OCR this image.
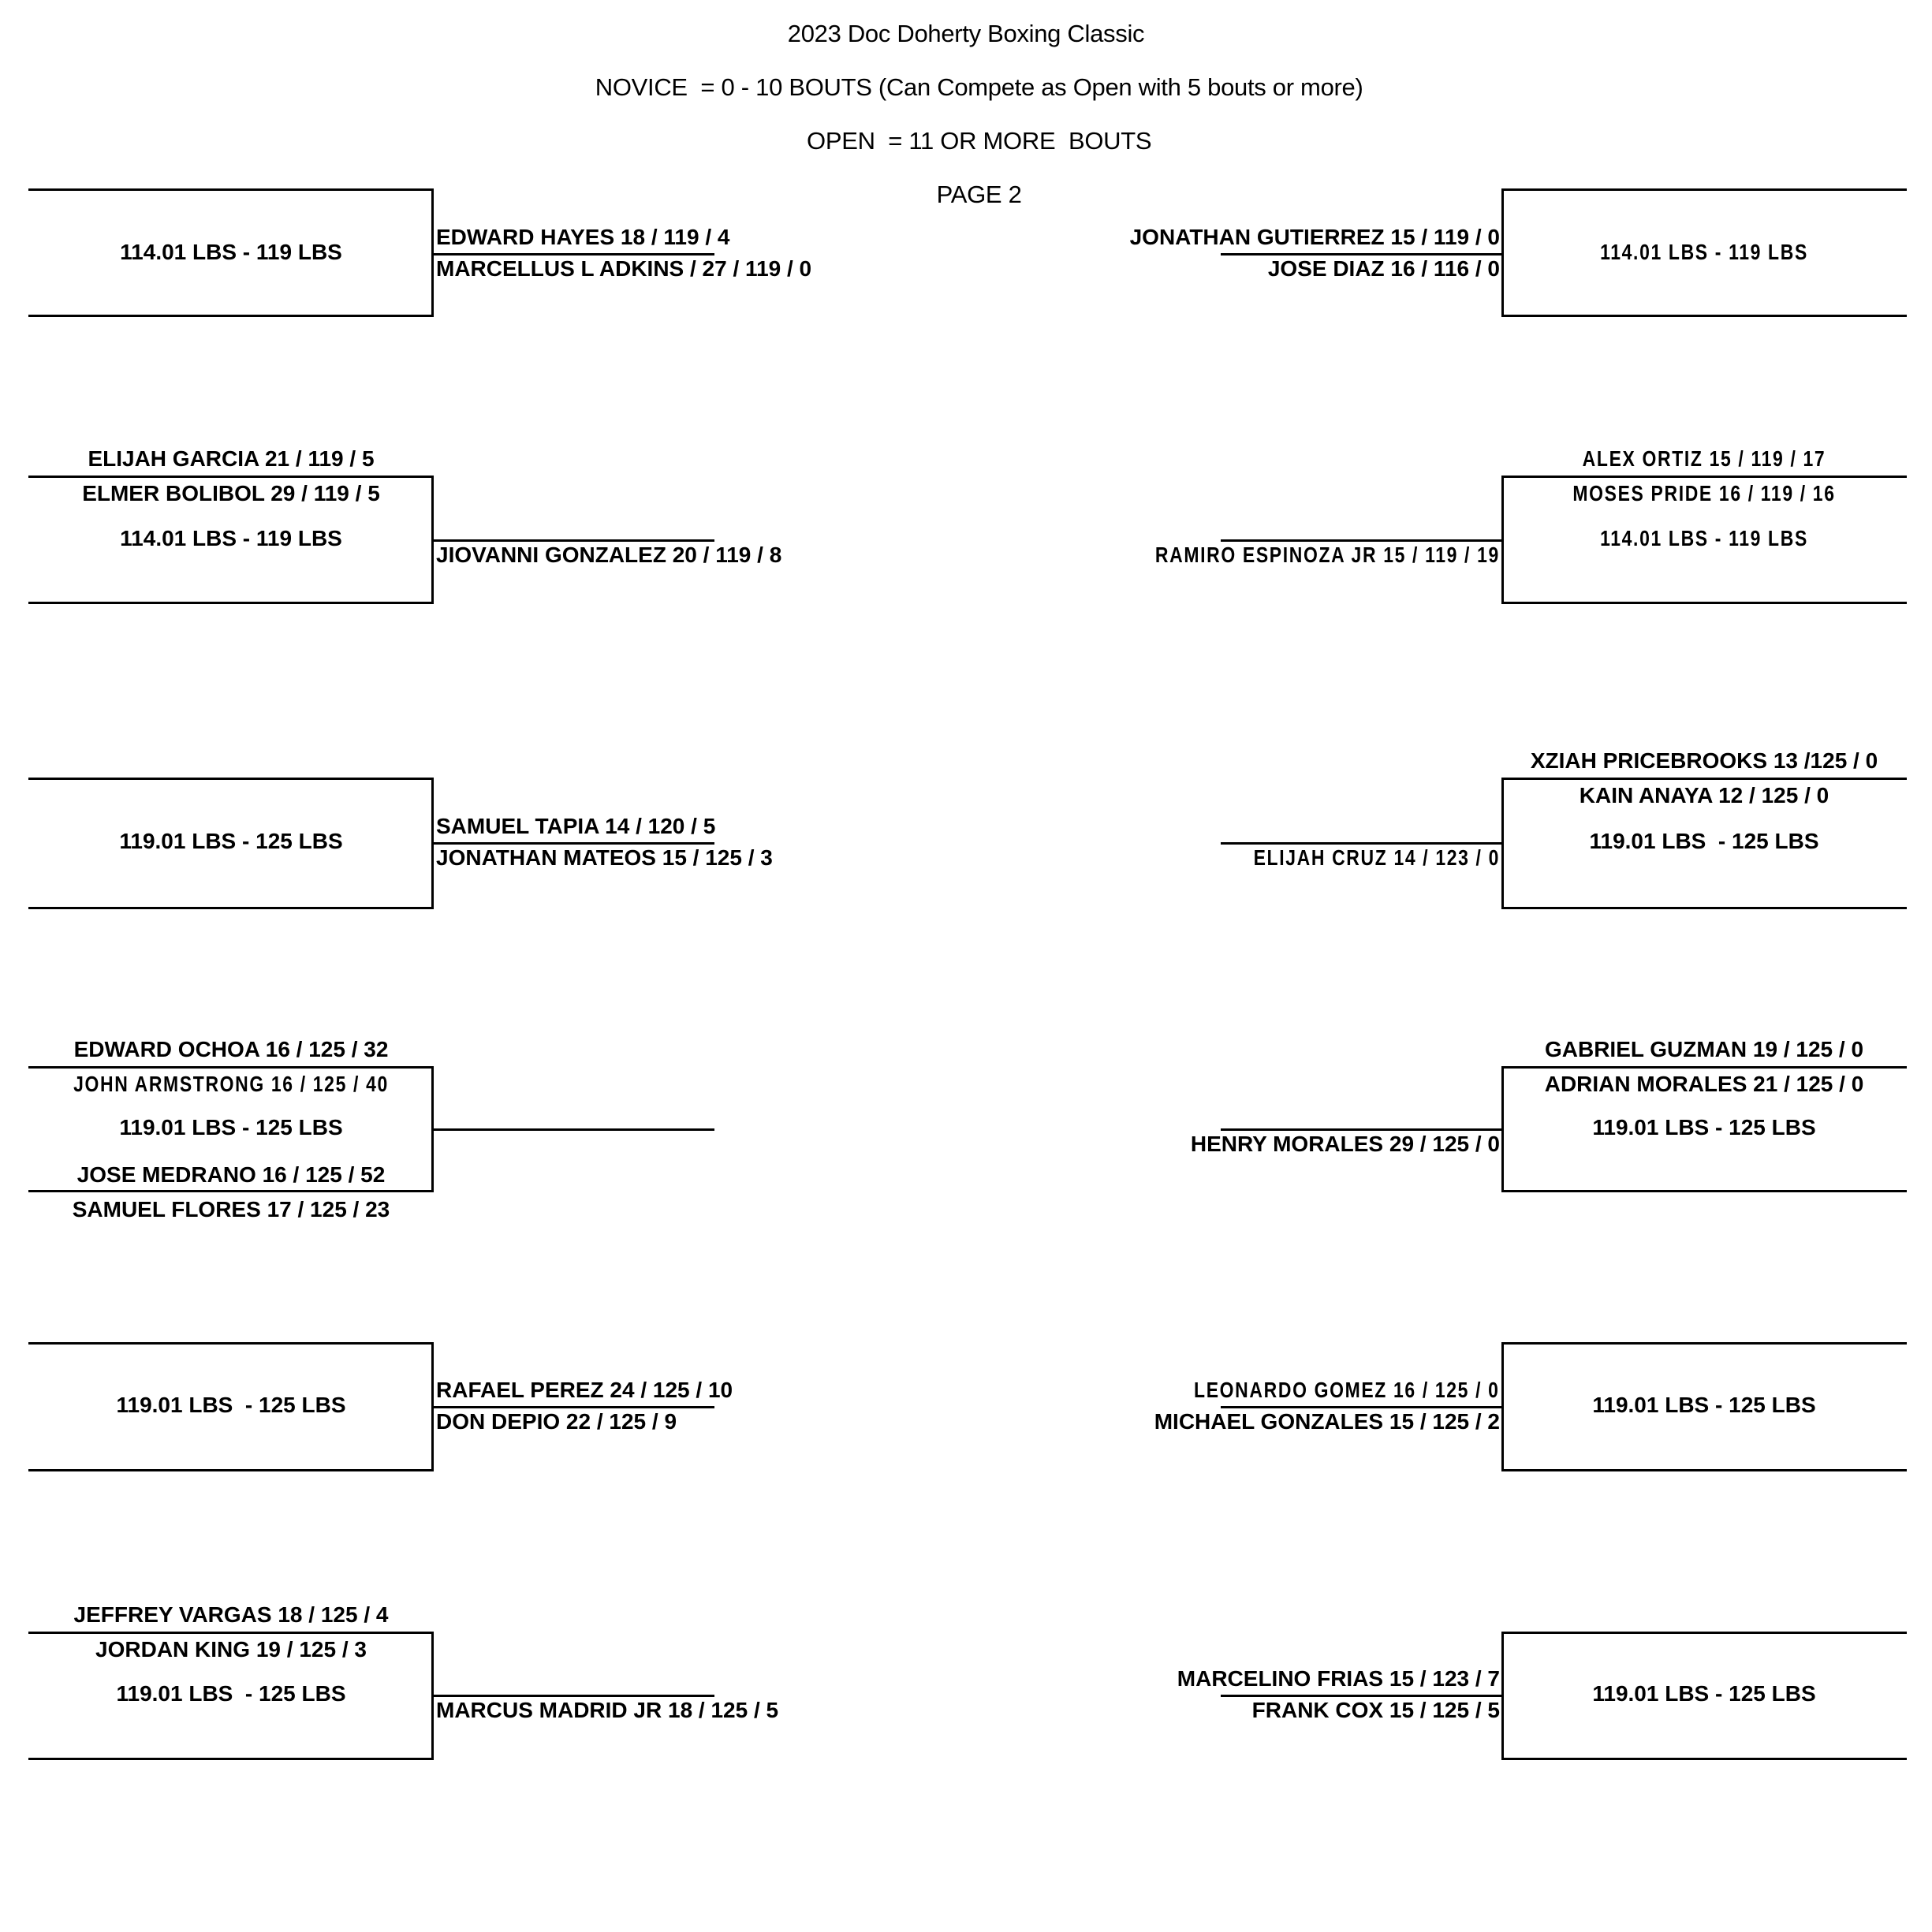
2023 Doc Doherty Boxing Classic

NOVICE  = 0 - 10 BOUTS (Can Compete as Open with 5 bouts or more)

OPEN  = 11 OR MORE  BOUTS

PAGE 2

114.01 LBS - 119 LBS
EDWARD HAYES 18 / 119 / 4
MARCELLUS L ADKINS / 27 / 119 / 0
114.01 LBS - 119 LBS
JONATHAN GUTIERREZ 15 / 119 / 0
JOSE DIAZ 16 / 116 / 0
ELIJAH GARCIA 21 / 119 / 5
ELMER BOLIBOL 29 / 119 / 5
114.01 LBS - 119 LBS
JIOVANNI GONZALEZ 20 / 119 / 8
ALEX ORTIZ 15 / 119 / 17
MOSES PRIDE 16 / 119 / 16
114.01 LBS - 119 LBS
RAMIRO ESPINOZA JR 15 / 119 / 19
119.01 LBS - 125 LBS
SAMUEL TAPIA 14 / 120 / 5
JONATHAN MATEOS 15 / 125 / 3
XZIAH PRICEBROOKS 13 /125 / 0
KAIN ANAYA 12 / 125 / 0
119.01 LBS  - 125 LBS
ELIJAH CRUZ 14 / 123 / 0
EDWARD OCHOA 16 / 125 / 32
JOHN ARMSTRONG 16 / 125 / 40
119.01 LBS - 125 LBS
JOSE MEDRANO 16 / 125 / 52
SAMUEL FLORES 17 / 125 / 23
GABRIEL GUZMAN 19 / 125 / 0
ADRIAN MORALES 21 / 125 / 0
119.01 LBS - 125 LBS
HENRY MORALES 29 / 125 / 0
119.01 LBS  - 125 LBS
RAFAEL PEREZ 24 / 125 / 10
DON DEPIO 22 / 125 / 9
119.01 LBS - 125 LBS
LEONARDO GOMEZ 16 / 125 / 0
MICHAEL GONZALES 15 / 125 / 2
JEFFREY VARGAS 18 / 125 / 4
JORDAN KING 19 / 125 / 3
119.01 LBS  - 125 LBS
MARCUS MADRID JR 18 / 125 / 5
119.01 LBS - 125 LBS
MARCELINO FRIAS 15 / 123 / 7
FRANK COX 15 / 125 / 5
